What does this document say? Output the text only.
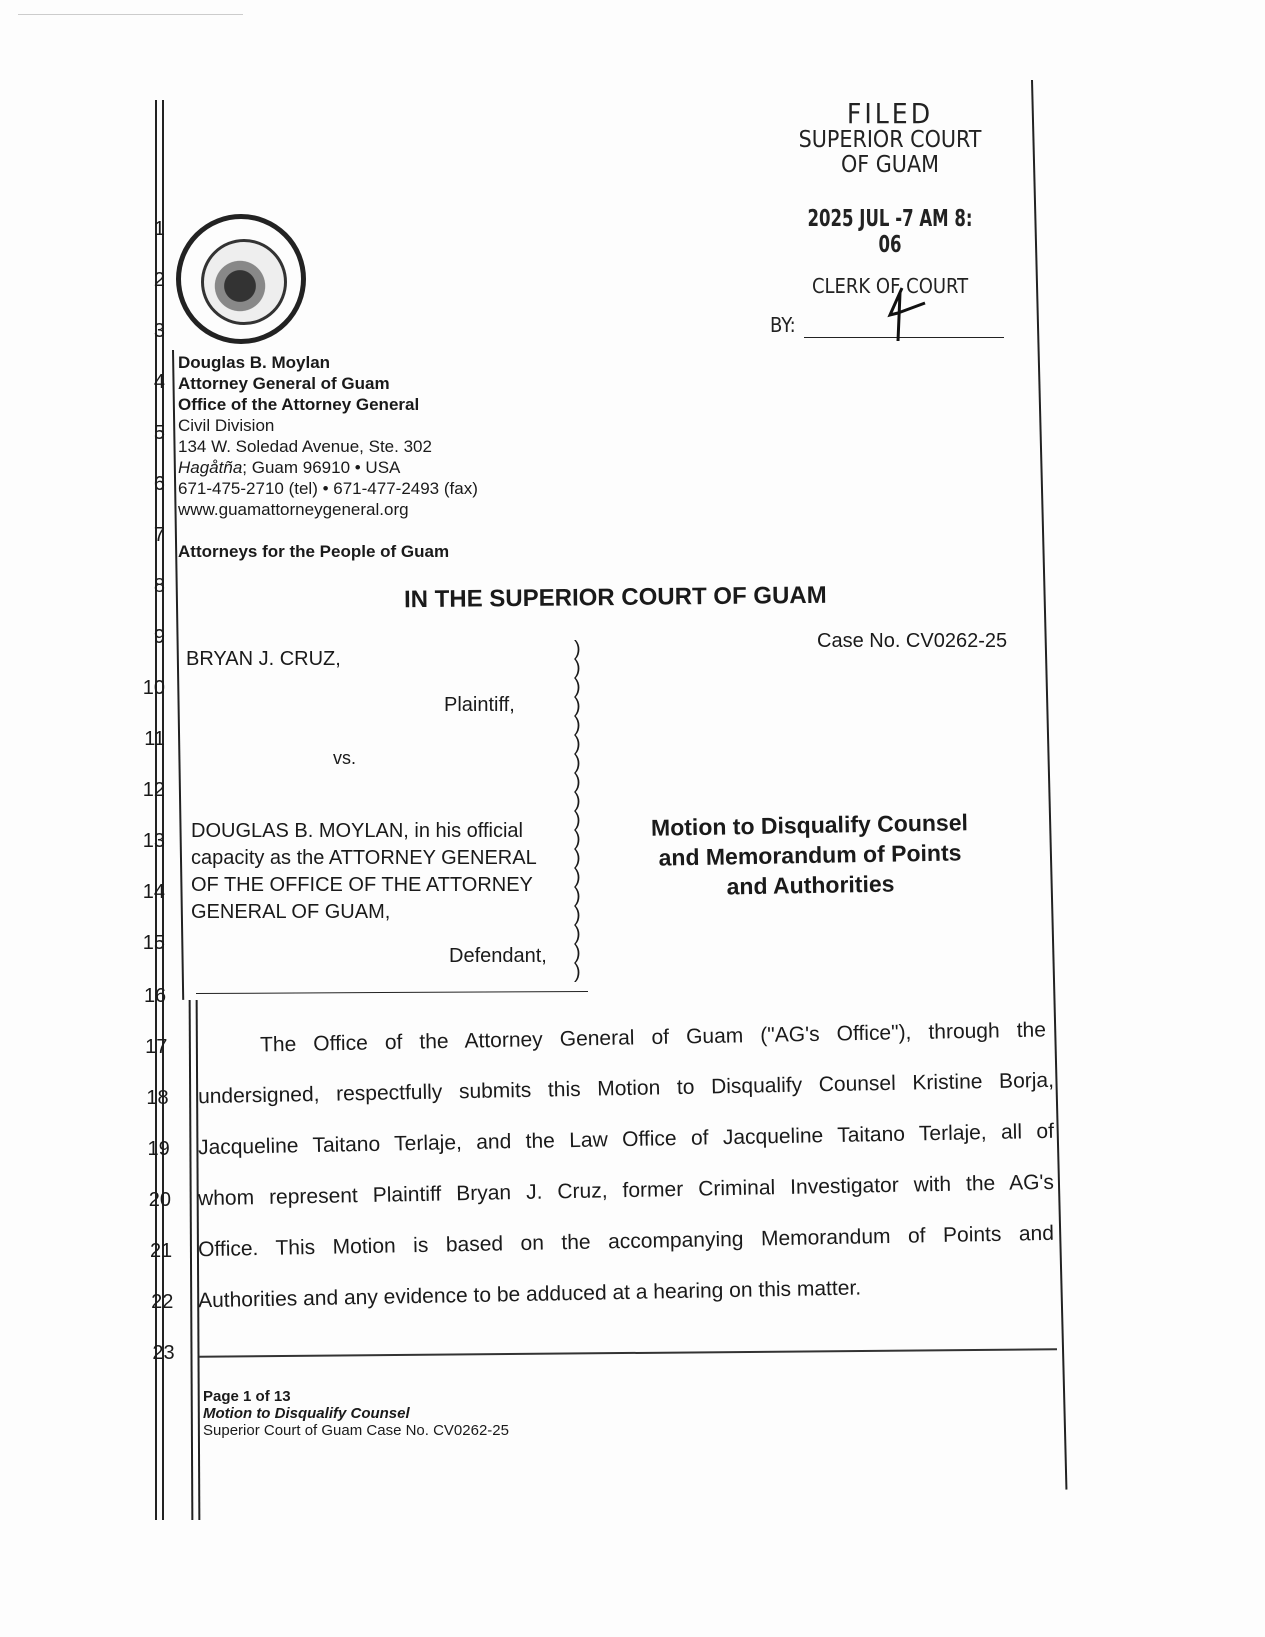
FILED
SUPERIOR COURT
OF GUAM
2025 JUL -7 AM 8: 06
CLERK OF COURT
BY:
1
2
3
4
5
6
7
8
9
10
11
12
13
14
15
16
17
18
19
20
21
22
23
Douglas B. Moylan
Attorney General of Guam
Office of the Attorney General
Civil Division
134 W. Soledad Avenue, Ste. 302
Hagåtña; Guam 96910 • USA
671-475-2710 (tel) • 671-477-2493 (fax)
www.guamattorneygeneral.org
Attorneys for the People of Guam
IN THE SUPERIOR COURT OF GUAM
Case No. CV0262-25
BRYAN J. CRUZ,
Plaintiff,
vs.
DOUGLAS B. MOYLAN, in his official
capacity as the ATTORNEY GENERAL
OF THE OFFICE OF THE ATTORNEY
GENERAL OF GUAM,
Defendant,
)
)
)
)
)
)
)
)
)
)
)
)
)
)
)
)
)
)
Motion to Disqualify Counsel
and Memorandum of Points
and Authorities
The Office of the Attorney General of Guam ("AG's Office"), through the
undersigned, respectfully submits this Motion to Disqualify Counsel Kristine Borja,
Jacqueline Taitano Terlaje, and the Law Office of Jacqueline Taitano Terlaje, all of
whom represent Plaintiff Bryan J. Cruz, former Criminal Investigator with the AG's
Office. This Motion is based on the accompanying Memorandum of Points and
Authorities and any evidence to be adduced at a hearing on this matter.
Page 1 of 13
Motion to Disqualify Counsel
Superior Court of Guam Case No. CV0262-25
